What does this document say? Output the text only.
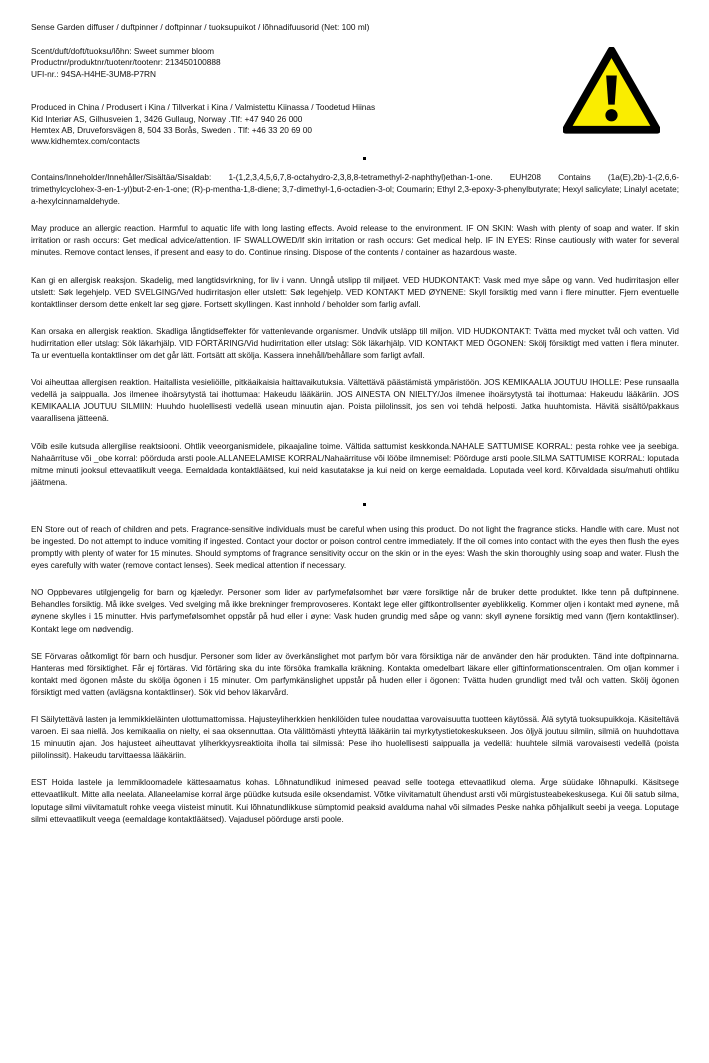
Sense Garden diffuser / duftpinner / doftpinnar / tuoksupuikot / lõhnadifuusorid (Net: 100 ml)
Scent/duft/doft/tuoksu/lõhn: Sweet summer bloom
Productnr/produktnr/tuotenr/tootenr: 213450100888
UFI-nr.: 94SA-H4HE-3UM8-P7RN
Produced in China / Produsert i Kina / Tillverkat i Kina / Valmistettu Kiinassa / Toodetud Hiinas
Kid Interiør AS, Gilhusveien 1, 3426 Gullaug, Norway .Tlf: +47 940 26 000
Hemtex AB, Druveforsvägen 8, 504 33 Borås, Sweden . Tlf: +46 33 20 69 00
www.kidhemtex.com/contacts

Contains/Inneholder/Innehåller/Sisältäa/Sisaldab: 1-(1,2,3,4,5,6,7,8-octahydro-2,3,8,8-tetramethyl-2-naphthyl)ethan-1-one. EUH208 Contains (1a(E),2b)-1-(2,6,6-trimethylcyclohex-3-en-1-yl)but-2-en-1-one; (R)-p-mentha-1,8-diene; 3,7-dimethyl-1,6-octadien-3-ol; Coumarin; Ethyl 2,3-epoxy-3-phenylbutyrate; Hexyl salicylate; Linalyl acetate; a-hexylcinnamaldehyde.

May produce an allergic reaction. Harmful to aquatic life with long lasting effects. Avoid release to the environment. IF ON SKIN: Wash with plenty of soap and water. If skin irritation or rash occurs: Get medical advice/attention. IF SWALLOWED/If skin irritation or rash occurs: Get medical help. IF IN EYES: Rinse cautiously with water for several minutes. Remove contact lenses, if present and easy to do. Continue rinsing. Dispose of the contents / container as hazardous waste.

Kan gi en allergisk reaksjon. Skadelig, med langtidsvirkning, for liv i vann. Unngå utslipp til miljøet. VED HUDKONTAKT: Vask med mye såpe og vann. Ved hudirritasjon eller utslett: Søk legehjelp. VED SVELGING/Ved hudirritasjon eller utslett: Søk legehjelp. VED KONTAKT MED ØYNENE: Skyll forsiktig med vann i flere minutter. Fjern eventuelle kontaktlinser dersom dette enkelt lar seg gjøre. Fortsett skyllingen. Kast innhold / beholder som farlig avfall.

Kan orsaka en allergisk reaktion. Skadliga långtidseffekter för vattenlevande organismer. Undvik utsläpp till miljon. VID HUDKONTAKT: Tvätta med mycket tvål och vatten. Vid hudirritation eller utslag: Sök läkarhjälp. VID FÖRTÄRING/Vid hudirritation eller utslag: Sök läkarhjälp. VID KONTAKT MED ÖGONEN: Skölj försiktigt med vatten i flera minuter. Ta ur eventuella kontaktlinser om det går lätt. Fortsätt att skölja. Kassera innehåll/behållare som farligt avfall.

Voi aiheuttaa allergisen reaktion. Haitallista vesieliöille, pitkäaikaisia haittavaikutuksia. Vältettävä päästämistä ympäristöön. JOS KEMIKAALIA JOUTUU IHOLLE: Pese runsaalla vedellä ja saippualla. Jos ilmenee ihoärsytystä tai ihottumaa: Hakeudu lääkäriin. JOS AINESTA ON NIELTY/Jos ilmenee ihoärsytystä tai ihottumaa: Hakeudu lääkäriin. JOS KEMIKAALIA JOUTUU SILMIIN: Huuhdo huolellisesti vedellä usean minuutin ajan. Poista piilolinssit, jos sen voi tehdä helposti. Jatka huuhtomista. Hävitä sisältö/pakkaus vaarallisena jätteenä.

Võib esile kutsuda allergilise reaktsiooni. Ohtlik veeorganismidele, pikaajaline toime. Vältida sattumist keskkonda.NAHALE SATTUMISE KORRAL: pesta rohke vee ja seebiga. Nahaärrituse või _obe korral: pöörduda arsti poole.ALLANEELAMISE KORRAL/Nahaärrituse või lööbe ilmnemisel: Pöörduge arsti poole.SILMA SATTUMISE KORRAL: loputada mitme minuti jooksul ettevaatlikult veega. Eemaldada kontaktläätsed, kui neid kasutatakse ja kui neid on kerge eemaldada. Loputada veel kord. Kõrvaldada sisu/mahuti ohtliku jäätmena.

EN Store out of reach of children and pets. Fragrance-sensitive individuals must be careful when using this product. Do not light the fragrance sticks. Handle with care. Must not be ingested. Do not attempt to induce vomiting if ingested. Contact your doctor or poison control centre immediately. If the oil comes into contact with the eyes then flush the eyes promptly with plenty of water for 15 minutes. Should symptoms of fragrance sensitivity occur on the skin or in the eyes: Wash the skin thoroughly using soap and water. Flush the eyes carefully with water (remove contact lenses). Seek medical attention if necessary.

NO Oppbevares utilgjengelig for barn og kjæledyr. Personer som lider av parfymefølsomhet bør være forsiktige når de bruker dette produktet. Ikke tenn på duftpinnene. Behandles forsiktig. Må ikke svelges. Ved svelging må ikke brekninger fremprovoseres. Kontakt lege eller giftkontrollsenter øyeblikkelig. Kommer oljen i kontakt med øynene, må øynene skylles i 15 minutter. Hvis parfymefølsomhet oppstår på hud eller i øyne: Vask huden grundig med såpe og vann: skyll øynene forsiktig med vann (fjern kontaktlinser). Kontakt lege om nødvendig.

SE Förvaras oåtkomligt för barn och husdjur. Personer som lider av överkänslighet mot parfym bör vara försiktiga när de använder den här produkten. Tänd inte doftpinnarna. Hanteras med försiktighet. Får ej förtäras. Vid förtäring ska du inte försöka framkalla kräkning. Kontakta omedelbart läkare eller giftinformationscentralen. Om oljan kommer i kontakt med ögonen måste du skölja ögonen i 15 minuter. Om parfymkänslighet uppstår på huden eller i ögonen: Tvätta huden grundligt med tvål och vatten. Skölj ögonen försiktigt med vatten (avlägsna kontaktlinser). Sök vid behov läkarvård.

FI Säilytettävä lasten ja lemmikkieläinten ulottumattomissa. Hajusteyliherkkien henkilöiden tulee noudattaa varovaisuutta tuotteen käytössä. Älä sytytä tuoksupuikkoja. Käsiteltävä varoen. Ei saa niellä. Jos kemikaalia on nielty, ei saa oksennuttaa. Ota välittömästi yhteyttä lääkäriin tai myrkytystietokeskukseen. Jos öljyä joutuu silmiin, silmiä on huuhdottava 15 minuutin ajan. Jos hajusteet aiheuttavat yliherkkyysreaktioita iholla tai silmissä: Pese iho huolellisesti saippualla ja vedellä: huuhtele silmiä varovaisesti vedellä (poista piilolinssit). Hakeudu tarvittaessa lääkäriin.

EST Hoida lastele ja lemmikloomadele kättesaamatus kohas. Lõhnatundlikud inimesed peavad selle tootega ettevaatlikud olema. Ärge süüdake lõhnapulki. Käsitsege ettevaatlikult. Mitte alla neelata. Allaneelamise korral ärge püüdke kutsuda esile oksendamist. Võtke viivitamatult ühendust arsti või mürgistusteabekeskusega. Kui õli satub silma, loputage silmi viivitamatult rohke veega viisteist minutit. Kui lõhnatundlikkuse sümptomid peaksid avalduma nahal või silmades Peske nahka põhjalikult seebi ja veega. Loputage silmi ettevaatlikult veega (eemaldage kontaktläätsed). Vajadusel pöörduge arsti poole.
